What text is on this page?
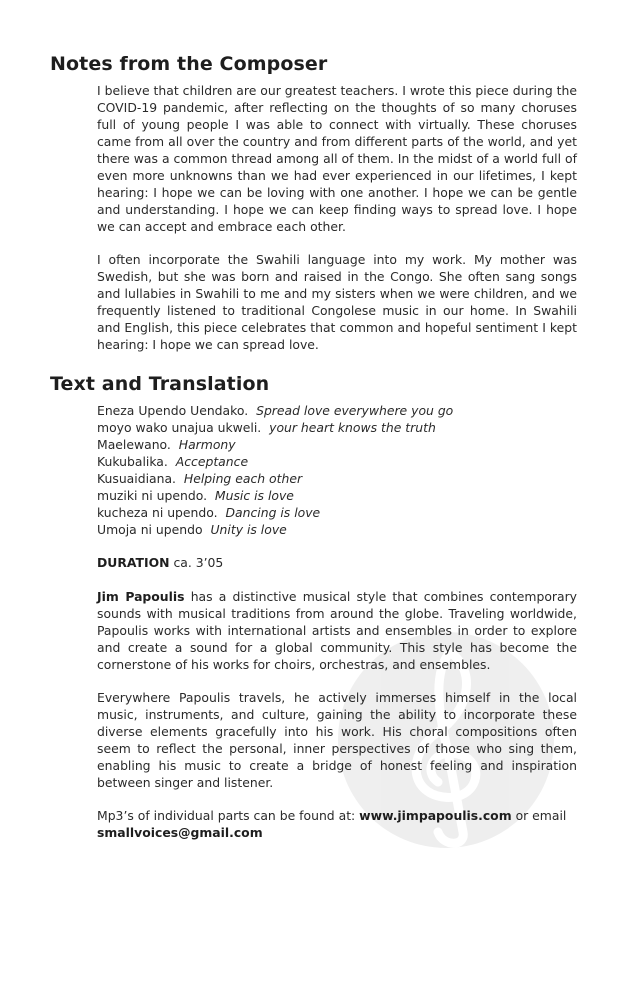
Notes from the Composer

I believe that children are our greatest teachers. I wrote this piece during the COVID-19 pandemic, after reflecting on the thoughts of so many choruses full of young people I was able to connect with virtually. These choruses came from all over the country and from different parts of the world, and yet there was a common thread among all of them. In the midst of a world full of even more unknowns than we had ever experienced in our lifetimes, I kept hearing: I hope we can be loving with one another. I hope we can be gentle and understanding. I hope we can keep finding ways to spread love. I hope we can accept and embrace each other.

I often incorporate the Swahili language into my work. My mother was Swedish, but she was born and raised in the Congo. She often sang songs and lullabies in Swahili to me and my sisters when we were children, and we frequently listened to traditional Congolese music in our home. In Swahili and English, this piece celebrates that common and hopeful sentiment I kept hearing: I hope we can spread love.

Text and Translation
Eneza Upendo Uendako. Spread love everywhere you go
moyo wako unajua ukweli. your heart knows the truth
Maelewano. Harmony
Kukubalika. Acceptance
Kusuaidiana. Helping each other
muziki ni upendo. Music is love
kucheza ni upendo. Dancing is love
Umoja ni upendo Unity is love
DURATION ca. 3’05

Jim Papoulis has a distinctive musical style that combines contemporary sounds with musical traditions from around the globe. Traveling worldwide, Papoulis works with international artists and ensembles in order to explore and create a sound for a global community. This style has become the cornerstone of his works for choirs, orchestras, and ensembles.

Everywhere Papoulis travels, he actively immerses himself in the local music, instruments, and culture, gaining the ability to incorporate these diverse elements gracefully into his work. His choral compositions often seem to reflect the personal, inner perspectives of those who sing them, enabling his music to create a bridge of honest feeling and inspiration between singer and listener.

Mp3’s of individual parts can be found at: www.jimpapoulis.com or email
smallvoices@gmail.com
